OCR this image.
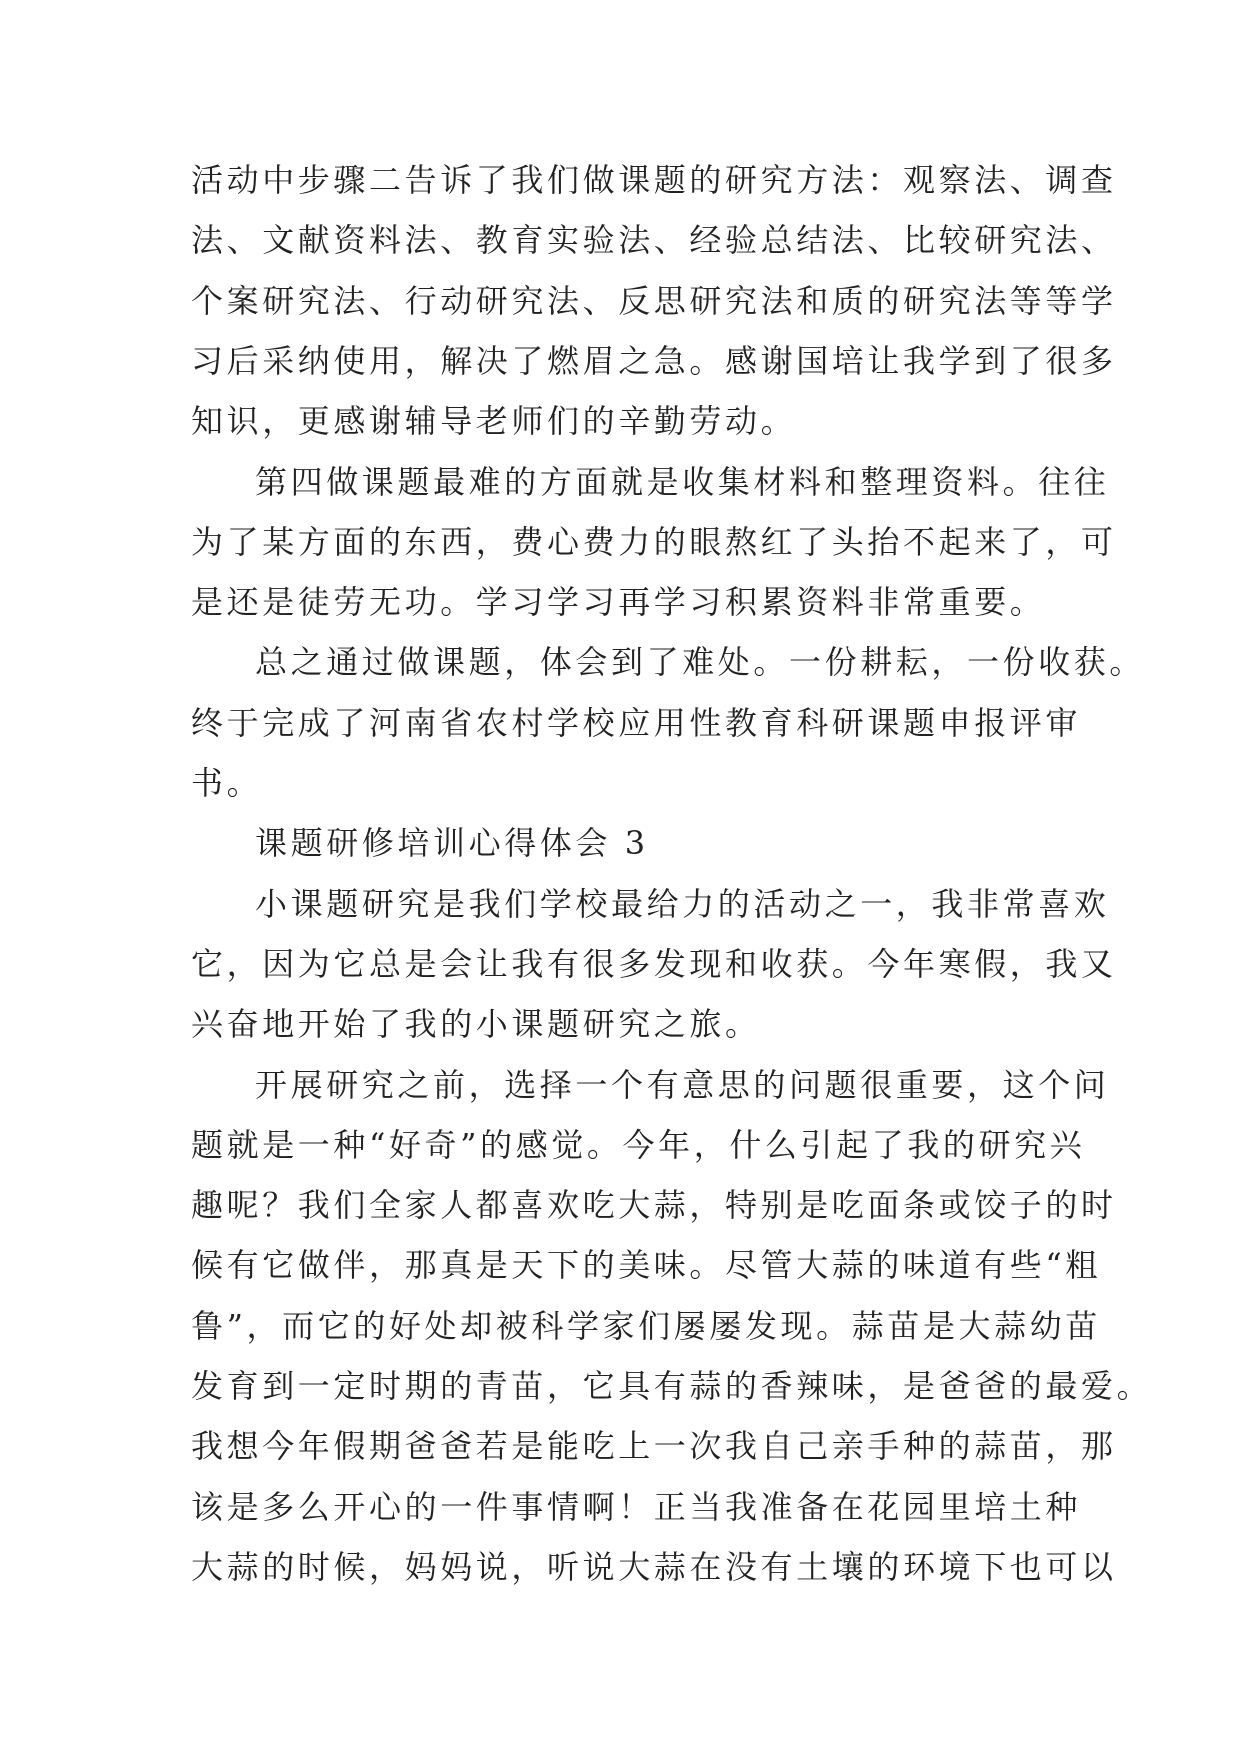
活动中步骤二告诉了我们做课题的研究方法：观察法、调查
法、文献资料法、教育实验法、经验总结法、比较研究法、
个案研究法、行动研究法、反思研究法和质的研究法等等学
习后采纳使用，解决了燃眉之急。感谢国培让我学到了很多
知识，更感谢辅导老师们的辛勤劳动。
第四做课题最难的方面就是收集材料和整理资料。往往
为了某方面的东西，费心费力的眼熬红了头抬不起来了，可
是还是徒劳无功。学习学习再学习积累资料非常重要。
总之通过做课题，体会到了难处。一份耕耘，一份收获。
终于完成了河南省农村学校应用性教育科研课题申报评审
书。
课题研修培训心得体会 3
小课题研究是我们学校最给力的活动之一，我非常喜欢
它，因为它总是会让我有很多发现和收获。今年寒假，我又
兴奋地开始了我的小课题研究之旅。
开展研究之前，选择一个有意思的问题很重要，这个问
题就是一种“好奇”的感觉。今年，什么引起了我的研究兴
趣呢？我们全家人都喜欢吃大蒜，特别是吃面条或饺子的时
候有它做伴，那真是天下的美味。尽管大蒜的味道有些“粗
鲁”，而它的好处却被科学家们屡屡发现。蒜苗是大蒜幼苗
发育到一定时期的青苗，它具有蒜的香辣味，是爸爸的最爱。
我想今年假期爸爸若是能吃上一次我自己亲手种的蒜苗，那
该是多么开心的一件事情啊！正当我准备在花园里培土种
大蒜的时候，妈妈说，听说大蒜在没有土壤的环境下也可以
